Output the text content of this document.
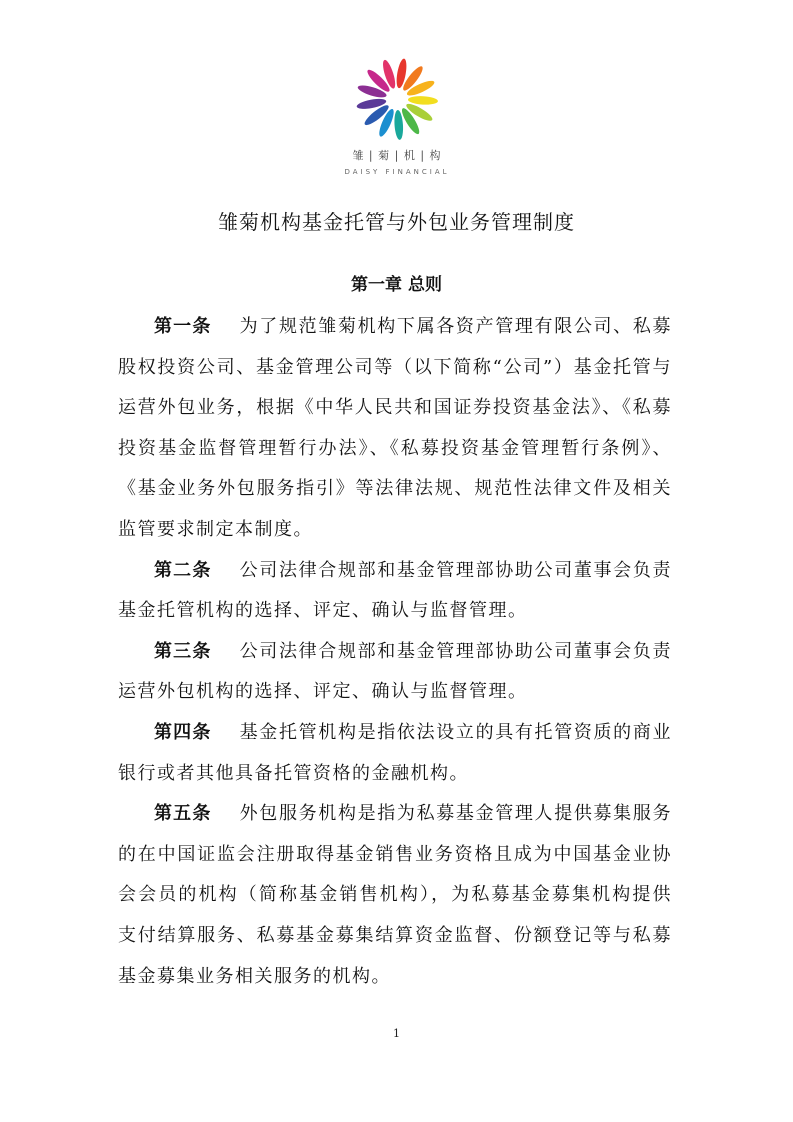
雏 | 菊 | 机 | 构
DAISY FINANCIAL
雏菊机构基金托管与外包业务管理制度
第一章 总则

第一条 为了规范雏菊机构下属各资产管理有限公司、私募股权投资公司、基金管理公司等（以下简称“公司”）基金托管与运营外包业务，根据《中华人民共和国证券投资基金法》、《私募投资基金监督管理暂行办法》、《私募投资基金管理暂行条例》、《基金业务外包服务指引》等法律法规、规范性法律文件及相关监管要求制定本制度。

第二条 公司法律合规部和基金管理部协助公司董事会负责基金托管机构的选择、评定、确认与监督管理。

第三条 公司法律合规部和基金管理部协助公司董事会负责运营外包机构的选择、评定、确认与监督管理。

第四条 基金托管机构是指依法设立的具有托管资质的商业银行或者其他具备托管资格的金融机构。

第五条 外包服务机构是指为私募基金管理人提供募集服务的在中国证监会注册取得基金销售业务资格且成为中国基金业协会会员的机构（简称基金销售机构），为私募基金募集机构提供支付结算服务、私募基金募集结算资金监督、份额登记等与私募基金募集业务相关服务的机构。

1
